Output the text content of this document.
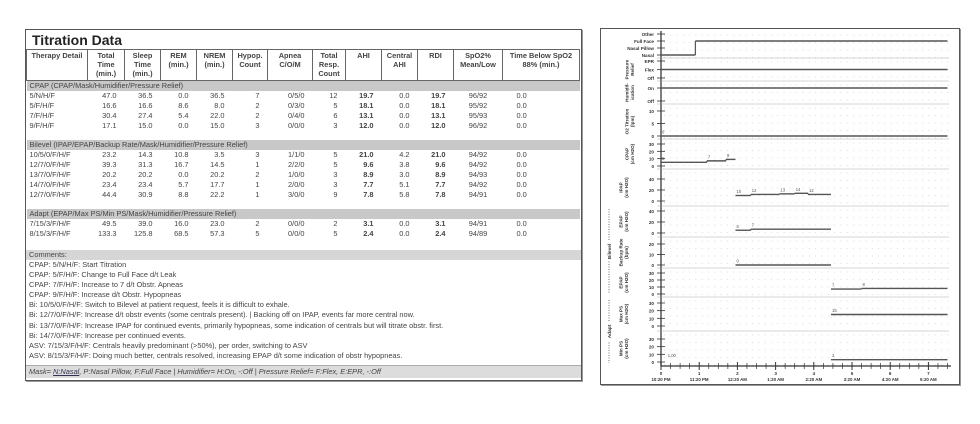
Titration Data
Therapy Detail	Total Time (min.)	Sleep Time (min.)	REM (min.)	NREM (min.)	Hypop. Count	Apnea C/O/M	Total Resp. Count	AHI	Central AHI	RDI	SpO2% Mean/Low	Time Below SpO2 88% (min.)
CPAP (CPAP/Mask/Humidifier/Pressure Relief)												
5/N/H/F	47.0	36.5	0.0	36.5	7	0/5/0	12	19.7	0.0	19.7	96/92	0.0
5/F/H/F	16.6	16.6	8.6	8.0	2	0/3/0	5	18.1	0.0	18.1	95/92	0.0
7/F/H/F	30.4	27.4	5.4	22.0	2	0/4/0	6	13.1	0.0	13.1	95/93	0.0
9/F/H/F	17.1	15.0	0.0	15.0	3	0/0/0	3	12.0	0.0	12.0	96/92	0.0

Bilevel (IPAP/EPAP/Backup Rate/Mask/Humidifier/Pressure Relief)												
10/5/0/F/H/F	23.2	14.3	10.8	3.5	3	1/1/0	5	21.0	4.2	21.0	94/92	0.0
12/7/0/F/H/F	39.3	31.3	16.7	14.5	1	2/2/0	5	9.6	3.8	9.6	94/92	0.0
13/7/0/F/H/F	20.2	20.2	0.0	20.2	2	1/0/0	3	8.9	3.0	8.9	94/93	0.0
14/7/0/F/H/F	23.4	23.4	5.7	17.7	1	2/0/0	3	7.7	5.1	7.7	94/92	0.0
12/7/0/F/H/F	44.4	30.9	8.8	22.2	1	3/0/0	9	7.8	5.8	7.8	94/91	0.0

Adapt (EPAP/Max PS/Min PS/Mask/Humidifier/Pressure Relief)												
7/15/3/F/H/F	49.5	39.0	16.0	23.0	2	0/0/0	2	3.1	0.0	3.1	94/91	0.0
8/15/3/F/H/F	133.3	125.8	68.5	57.3	5	0/0/0	5	2.4	0.0	2.4	94/89	0.0

Comments:
CPAP: 5/N/H/F: Start Titration
CPAP: 5/F/H/F: Change to Full Face d/t Leak
CPAP: 7/F/H/F: Increase to 7 d/t Obstr. Apneas
CPAP: 9/F/H/F: Increase d/t Obstr. Hypopneas
Bi: 10/5/0/F/H/F: Switch to Bilevel at patient request, feels it is difficult to exhale.
Bi: 12/7/0/F/H/F: Increase d/t obstr events (some centrals present). | Backing off on IPAP, events far more central now.
Bi: 13/7/0/F/H/F: Increase IPAP for continued events, primarily hypopneas, some indication of centrals but will titrate obstr. first.
Bi: 14/7/0/F/H/F: Increase per continued events.
ASV: 7/15/3/F/H/F: Centrals heavily predominant (>50%), per order, switching to ASV
ASV: 8/15/3/F/H/F: Doing much better, centrals resolved, increasing EPAP d/t some indication of obstr hypopneas.
Mask= N:Nasal, P:Nasal Pillow, F:Full Face | Humidifier= H:On, -:Off | Pressure Relief= F:Flex, E:EPR, -:Off
Nasal
Nasal Pillow
Full Face
Other
Off
Flex
EPR
PressureRelief
Off
On
Humidif-ication
0
5
10
O2 Titration(lpm)
0
0
10
20
30
CPAP(cm H2O)	5	7	9
0
20
40
IPAP(cm H2O)	10	12	13	14 12
0
20
40
EPAP(cm H2O)	5	7
0
10
20
Backup Rate(bpm)
0
0
10
20
30
EPAP(cm H2O)	7	8
0
10
20
30
Max PS(cm H2O)	15
0
10
20
30
Min PS(cm H2O)	1.00	3
Bilevel
Adapt
0
10:20 PM
1
11:20 PM
2
12:20 AM
3
1:20 AM
4
2:20 AM
5
3:20 AM
6
4:20 AM
7
5:20 AM
